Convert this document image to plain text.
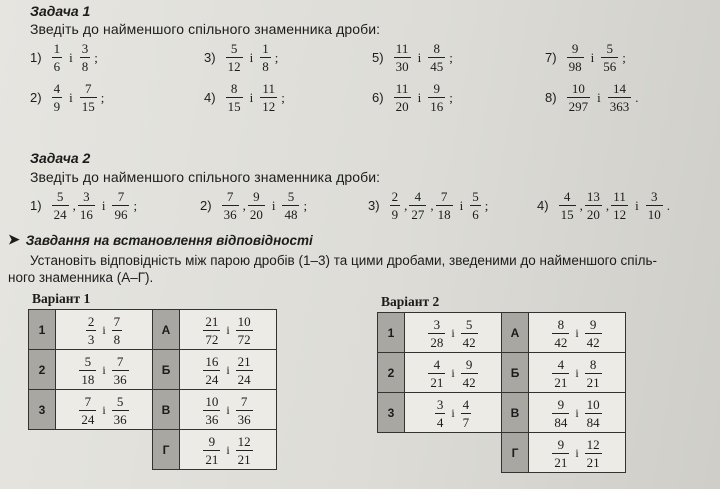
Задача 1
Зведіть до найменшого спільного знаменника дроби:
$1) \frac{1}{6}$ і $\frac{3}{8}$ ;
$2) \frac{4}{9}$ і $\frac{7}{15}$ ;
$3) \frac{5}{12}$ і $\frac{1}{8}$ ;
$4) \frac{8}{15}$ і $\frac{11}{12}$ ;
$5) \frac{11}{30}$ і $\frac{8}{45}$ ;
$6) \frac{11}{20}$ і $\frac{9}{16}$ ;
$7) \frac{9}{98}$ і $\frac{5}{56}$ ;
$8) \frac{10}{297}$ і $\frac{14}{363}$ .
Задача 2
Зведіть до найменшого спільного знаменника дроби:
$1) \frac{5}{24}$ , $\frac{3}{16}$ і $\frac{7}{96}$ ;	$2) \frac{7}{36}$ , $\frac{9}{20}$ і $\frac{5}{48}$ ;	$3) \frac{2}{9}$ , $\frac{4}{27}$ , $\frac{7}{18}$ і $\frac{5}{6}$ ;	$4) \frac{4}{15}$ , $\frac{13}{20}$ , $\frac{11}{12}$ і $\frac{3}{10}$ .
➤ Завдання на встановлення відповідності
Установіть відповідність між парою дробів (1–3) та цими дробами, зведеними до найменшого спіль-
ного знаменника (А–Г).
Варіант 1	Варіант 2
1	$\frac{2}{3}$ і $\frac{7}{8}$	А	$\frac{21}{72}$ і $\frac{10}{72}$

2	$\frac{5}{18}$ і $\frac{7}{36}$	Б	$\frac{16}{24}$ і $\frac{21}{24}$

3	$\frac{7}{24}$ і $\frac{5}{36}$	В	$\frac{10}{36}$ і $\frac{7}{36}$

		Г	$\frac{9}{21}$ і $\frac{12}{21}$
1	$\frac{3}{28}$ і $\frac{5}{42}$	А	$\frac{8}{42}$ і $\frac{9}{42}$

2	$\frac{4}{21}$ і $\frac{9}{42}$	Б	$\frac{4}{21}$ і $\frac{8}{21}$

3	$\frac{3}{4}$ і $\frac{4}{7}$	В	$\frac{9}{84}$ і $\frac{10}{84}$

		Г	$\frac{9}{21}$ і $\frac{12}{21}$
